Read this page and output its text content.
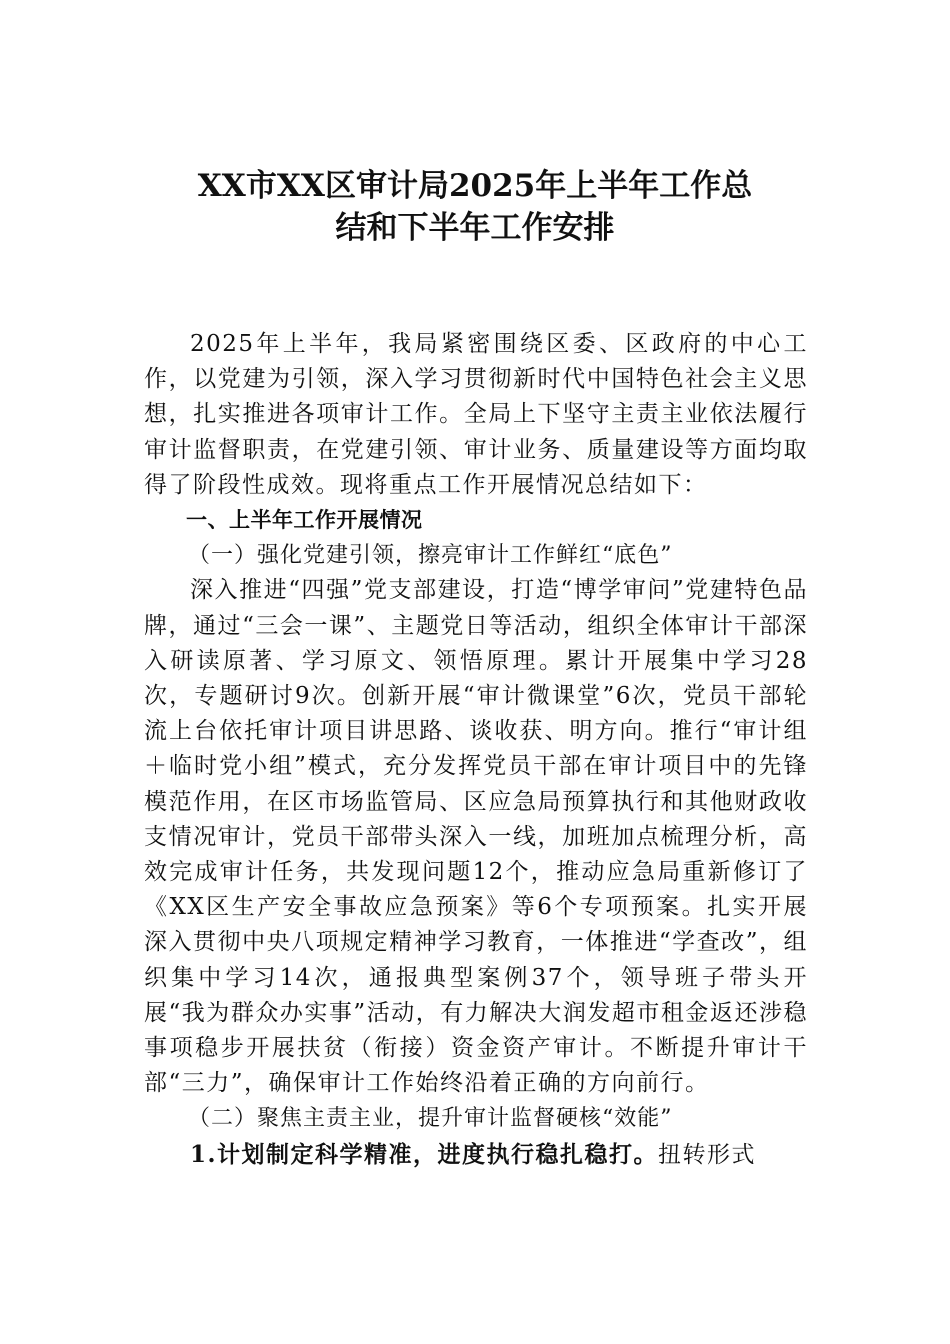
XX市XX区审计局2025年上半年工作总
结和下半年工作安排

2025年上半年，我局紧密围绕区委、区政府的中心工作，以党建为引领，深入学习贯彻新时代中国特色社会主义思想，扎实推进各项审计工作。全局上下坚守主责主业依法履行审计监督职责，在党建引领、审计业务、质量建设等方面均取得了阶段性成效。现将重点工作开展情况总结如下：

一、上半年工作开展情况

（一）强化党建引领，擦亮审计工作鲜红“底色”

深入推进“四强”党支部建设，打造“博学审问”党建特色品牌，通过“三会一课”、主题党日等活动，组织全体审计干部深入研读原著、学习原文、领悟原理。累计开展集中学习28次，专题研讨9次。创新开展“审计微课堂”6次，党员干部轮流上台依托审计项目讲思路、谈收获、明方向。推行“审计组＋临时党小组”模式，充分发挥党员干部在审计项目中的先锋模范作用，在区市场监管局、区应急局预算执行和其他财政收支情况审计，党员干部带头深入一线，加班加点梳理分析，高效完成审计任务，共发现问题12个，推动应急局重新修订了《XX区生产安全事故应急预案》等6个专项预案。扎实开展深入贯彻中央八项规定精神学习教育，一体推进“学查改”，组织集中学习14次，通报典型案例37个，领导班子带头开展“我为群众办实事”活动，有力解决大润发超市租金返还涉稳事项稳步开展扶贫（衔接）资金资产审计。不断提升审计干部“三力”，确保审计工作始终沿着正确的方向前行。

（二）聚焦主责主业，提升审计监督硬核“效能”

1.计划制定科学精准，进度执行稳扎稳打。扭转形式
